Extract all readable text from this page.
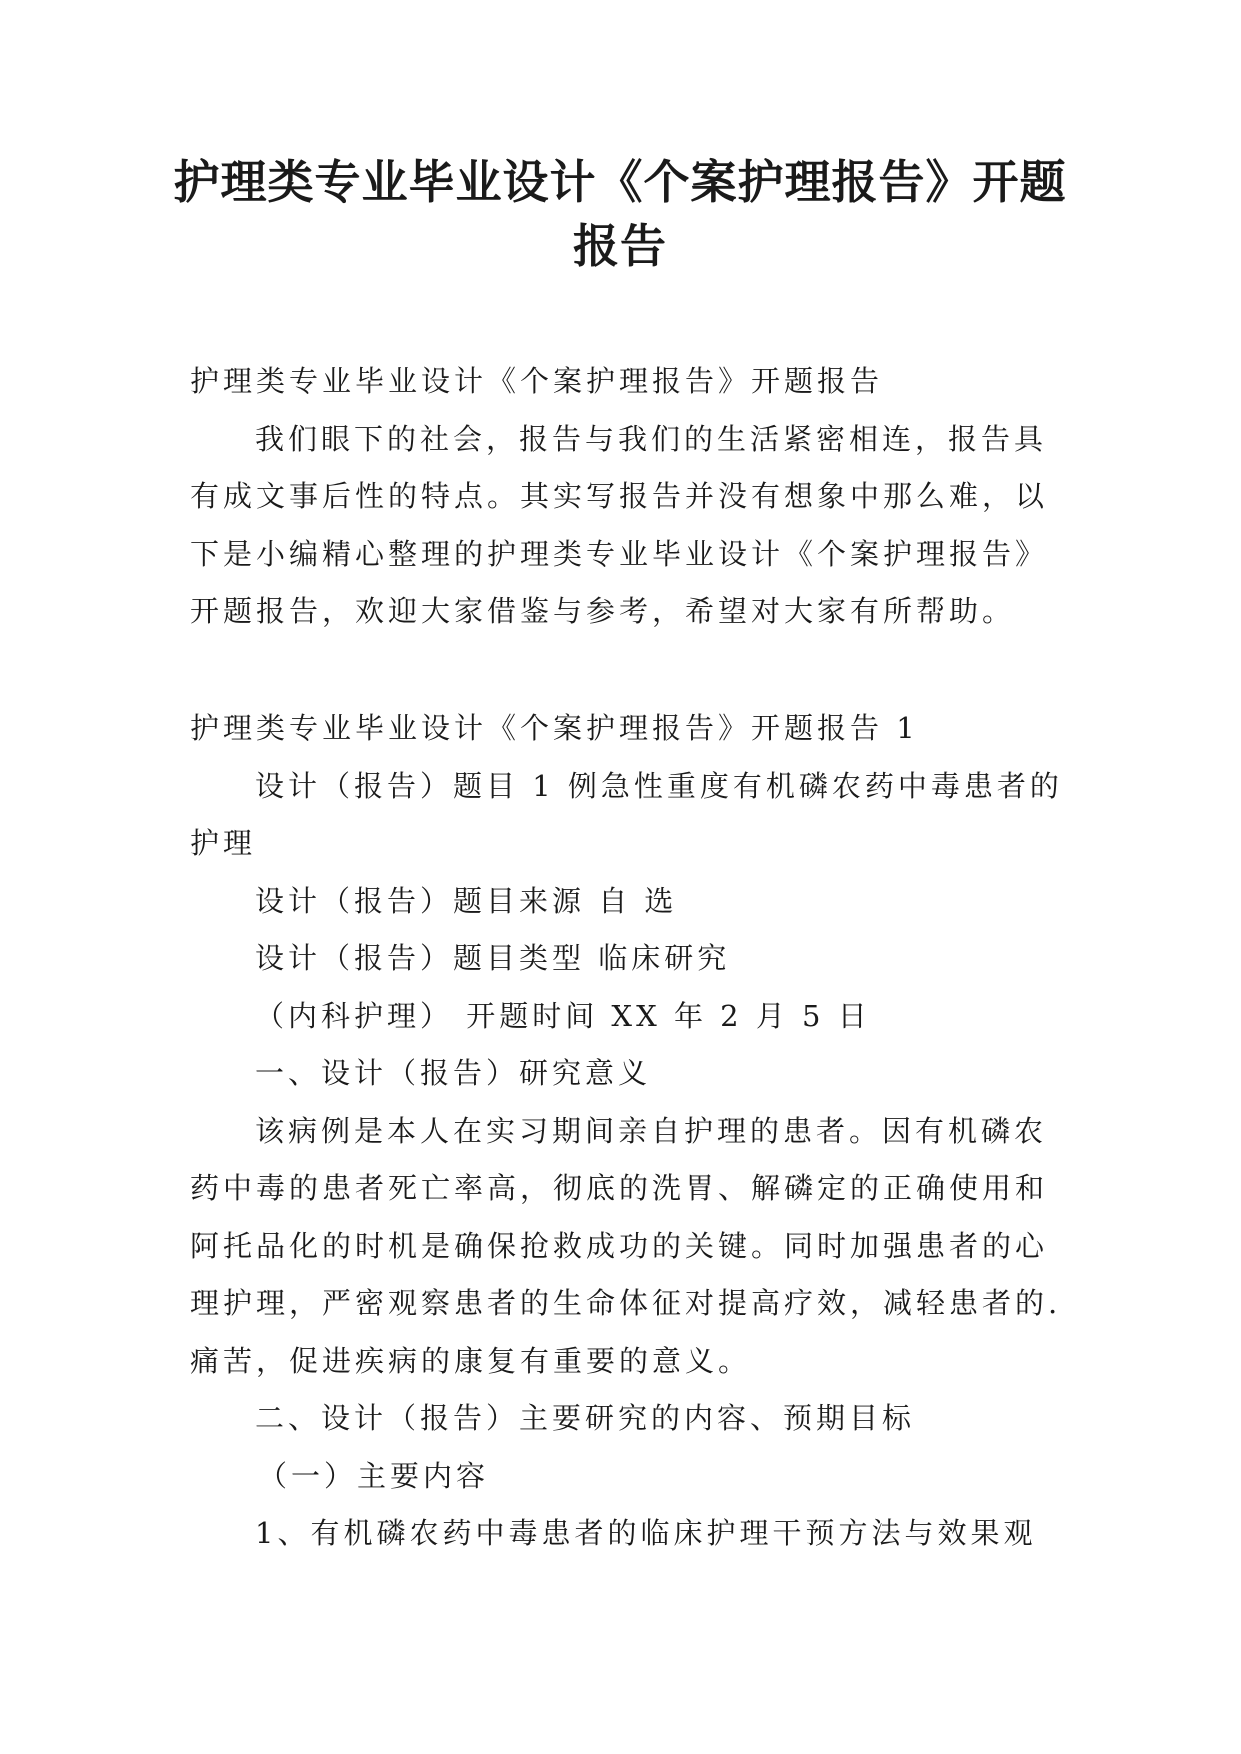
护理类专业毕业设计《个案护理报告》开题
报告

护理类专业毕业设计《个案护理报告》开题报告

我们眼下的社会，报告与我们的生活紧密相连，报告具

有成文事后性的特点。其实写报告并没有想象中那么难，以

下是小编精心整理的护理类专业毕业设计《个案护理报告》

开题报告，欢迎大家借鉴与参考，希望对大家有所帮助。

护理类专业毕业设计《个案护理报告》开题报告 1

设计（报告）题目 1 例急性重度有机磷农药中毒患者的

护理

设计（报告）题目来源 自 选

设计（报告）题目类型 临床研究

（内科护理） 开题时间 XX 年 2 月 5 日

一、设计（报告）研究意义

该病例是本人在实习期间亲自护理的患者。因有机磷农

药中毒的患者死亡率高，彻底的洗胃、解磷定的正确使用和

阿托品化的时机是确保抢救成功的关键。同时加强患者的心

理护理，严密观察患者的生命体征对提高疗效，减轻患者的.

痛苦，促进疾病的康复有重要的意义。

二、设计（报告）主要研究的内容、预期目标

（一）主要内容

1、有机磷农药中毒患者的临床护理干预方法与效果观
